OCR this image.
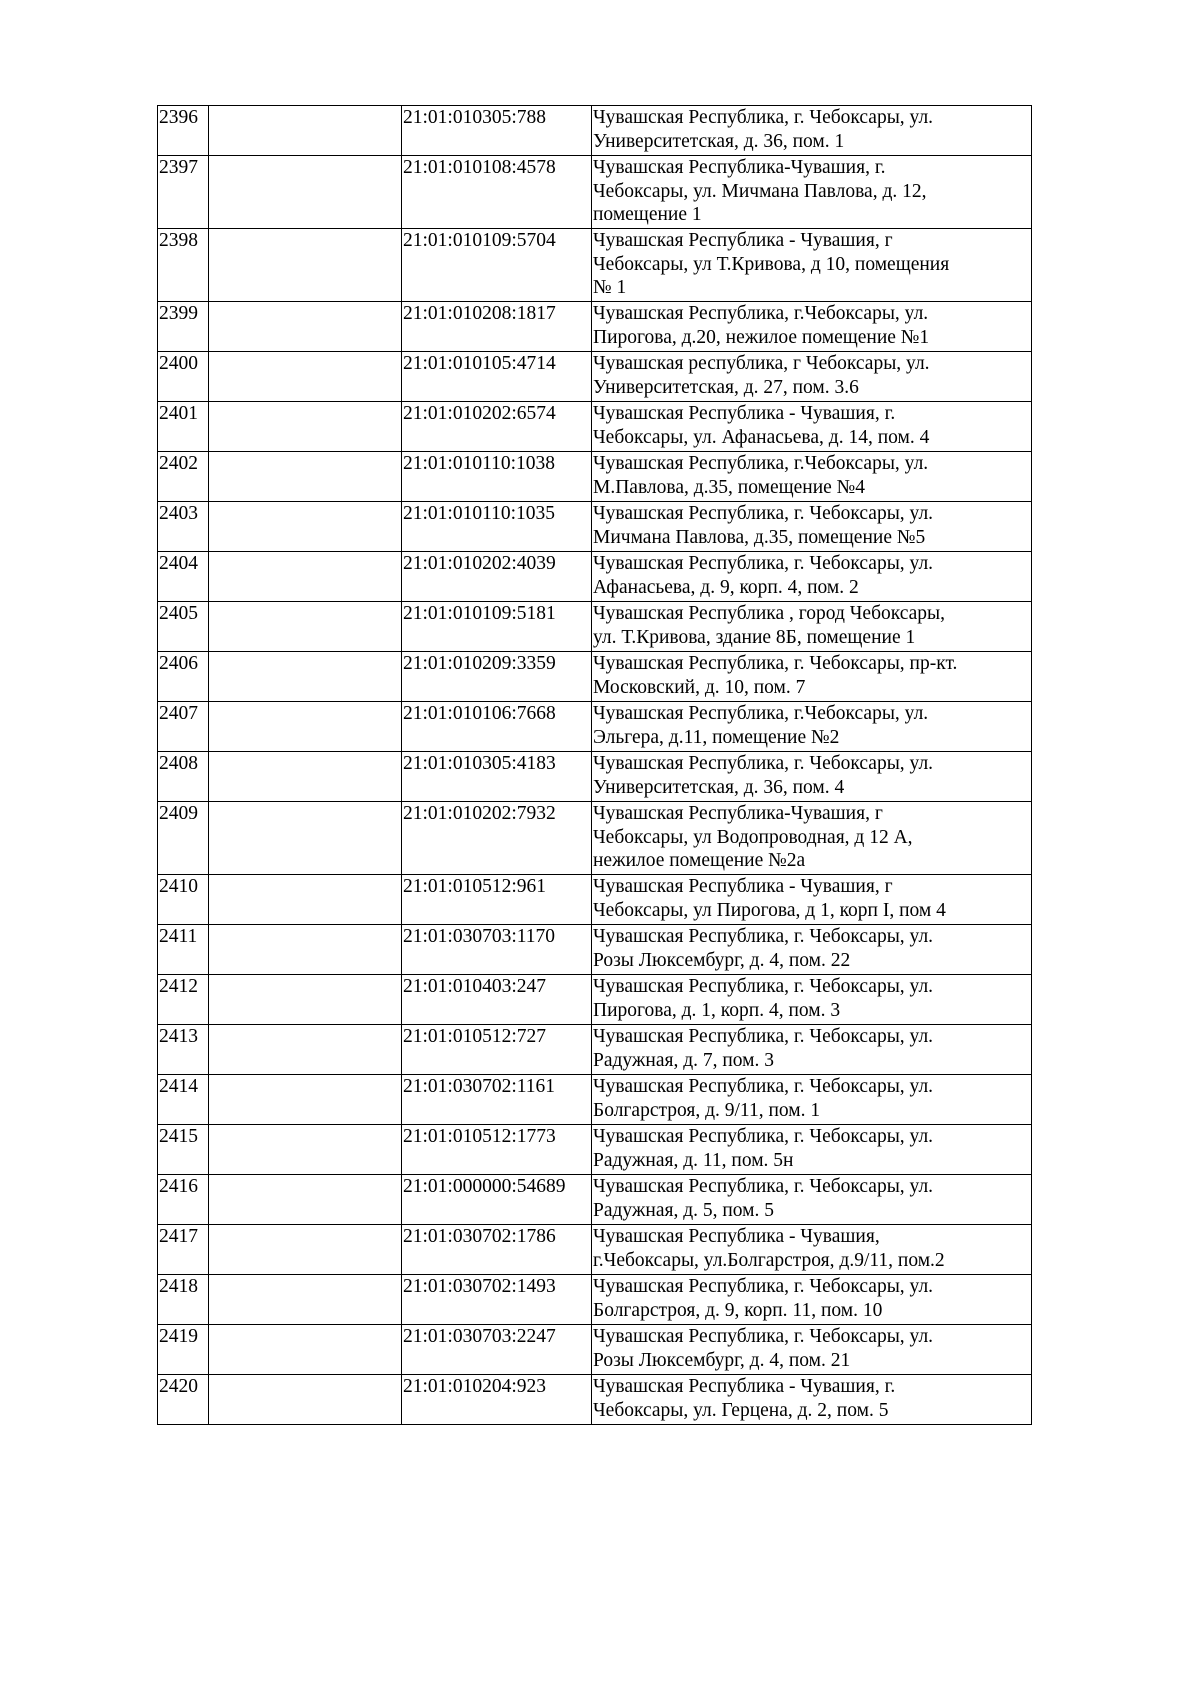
2396		21:01:010305:788	Чувашская Республика, г. Чебоксары, ул.
Университетская, д. 36, пом. 1

2397		21:01:010108:4578	Чувашская Республика-Чувашия, г.
Чебоксары, ул. Мичмана Павлова, д. 12,
помещение 1

2398		21:01:010109:5704	Чувашская Республика - Чувашия, г
Чебоксары, ул Т.Кривова, д 10, помещения
№ 1

2399		21:01:010208:1817	Чувашская Республика, г.Чебоксары, ул.
Пирогова, д.20, нежилое помещение №1

2400		21:01:010105:4714	Чувашская республика, г Чебоксары, ул.
Университетская, д. 27, пом. 3.6

2401		21:01:010202:6574	Чувашская Республика - Чувашия, г.
Чебоксары, ул. Афанасьева, д. 14, пом. 4

2402		21:01:010110:1038	Чувашская Республика, г.Чебоксары, ул.
М.Павлова, д.35, помещение №4

2403		21:01:010110:1035	Чувашская Республика, г. Чебоксары, ул.
Мичмана Павлова, д.35, помещение №5

2404		21:01:010202:4039	Чувашская Республика, г. Чебоксары, ул.
Афанасьева, д. 9, корп. 4, пом. 2

2405		21:01:010109:5181	Чувашская Республика , город Чебоксары,
ул. Т.Кривова, здание 8Б, помещение 1

2406		21:01:010209:3359	Чувашская Республика, г. Чебоксары, пр-кт.
Московский, д. 10, пом. 7

2407		21:01:010106:7668	Чувашская Республика, г.Чебоксары, ул.
Эльгера, д.11, помещение №2

2408		21:01:010305:4183	Чувашская Республика, г. Чебоксары, ул.
Университетская, д. 36, пом. 4

2409		21:01:010202:7932	Чувашская Республика-Чувашия, г
Чебоксары, ул Водопроводная, д 12 А,
нежилое помещение №2а

2410		21:01:010512:961	Чувашская Республика - Чувашия, г
Чебоксары, ул Пирогова, д 1, корп I, пом 4

2411		21:01:030703:1170	Чувашская Республика, г. Чебоксары, ул.
Розы Люксембург, д. 4, пом. 22

2412		21:01:010403:247	Чувашская Республика, г. Чебоксары, ул.
Пирогова, д. 1, корп. 4, пом. 3

2413		21:01:010512:727	Чувашская Республика, г. Чебоксары, ул.
Радужная, д. 7, пом. 3

2414		21:01:030702:1161	Чувашская Республика, г. Чебоксары, ул.
Болгарстроя, д. 9/11, пом. 1

2415		21:01:010512:1773	Чувашская Республика, г. Чебоксары, ул.
Радужная, д. 11, пом. 5н

2416		21:01:000000:54689	Чувашская Республика, г. Чебоксары, ул.
Радужная, д. 5, пом. 5

2417		21:01:030702:1786	Чувашская Республика - Чувашия,
г.Чебоксары, ул.Болгарстроя, д.9/11, пом.2

2418		21:01:030702:1493	Чувашская Республика, г. Чебоксары, ул.
Болгарстроя, д. 9, корп. 11, пом. 10

2419		21:01:030703:2247	Чувашская Республика, г. Чебоксары, ул.
Розы Люксембург, д. 4, пом. 21

2420		21:01:010204:923	Чувашская Республика - Чувашия, г.
Чебоксары, ул. Герцена, д. 2, пом. 5
